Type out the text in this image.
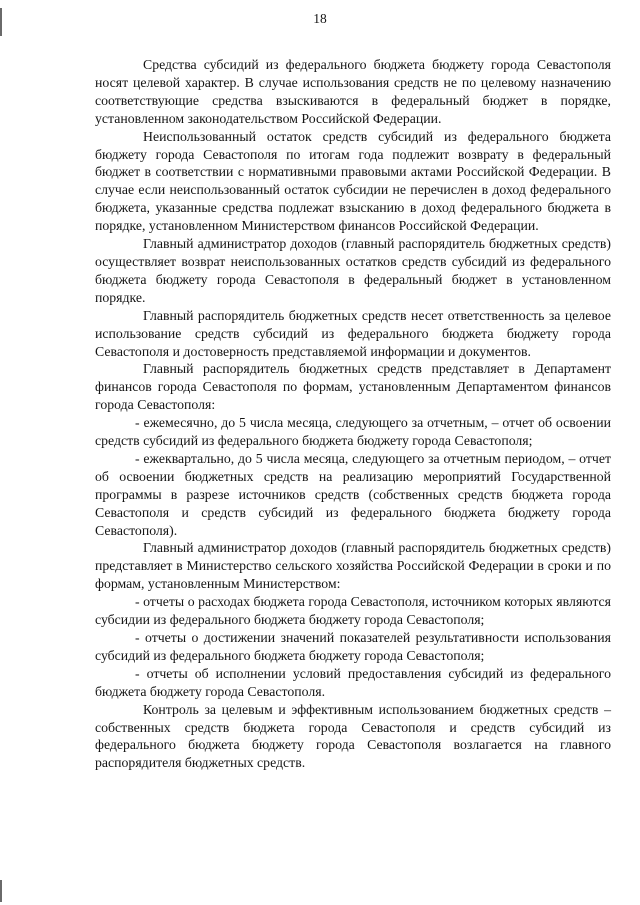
18

Средства субсидий из федерального бюджета бюджету города Севастополя носят целевой характер. В случае использования средств не по целевому назначению соответствующие средства взыскиваются в федеральный бюджет в порядке, установленном законодательством Российской Федерации.

Неиспользованный остаток средств субсидий из федерального бюджета бюджету города Севастополя по итогам года подлежит возврату в федеральный бюджет в соответствии с нормативными правовыми актами Российской Федерации. В случае если неиспользованный остаток субсидии не перечислен в доход федерального бюджета, указанные средства подлежат взысканию в доход федерального бюджета в порядке, установленном Министерством финансов Российской Федерации.

Главный администратор доходов (главный распорядитель бюджетных средств) осуществляет возврат неиспользованных остатков средств субсидий из федерального бюджета бюджету города Севастополя в федеральный бюджет в установленном порядке.

Главный распорядитель бюджетных средств несет ответственность за целевое использование средств субсидий из федерального бюджета бюджету города Севастополя и достоверность представляемой информации и документов.

Главный распорядитель бюджетных средств представляет в Департамент финансов города Севастополя по формам, установленным Департаментом финансов города Севастополя:

- ежемесячно, до 5 числа месяца, следующего за отчетным, – отчет об освоении средств субсидий из федерального бюджета бюджету города Севастополя;

- ежеквартально, до 5 числа месяца, следующего за отчетным периодом, – отчет об освоении бюджетных средств на реализацию мероприятий Государственной программы в разрезе источников средств (собственных средств бюджета города Севастополя и средств субсидий из федерального бюджета бюджету города Севастополя).

Главный администратор доходов (главный распорядитель бюджетных средств) представляет в Министерство сельского хозяйства Российской Федерации в сроки и по формам, установленным Министерством:

- отчеты о расходах бюджета города Севастополя, источником которых являются субсидии из федерального бюджета бюджету города Севастополя;

- отчеты о достижении значений показателей результативности использования субсидий из федерального бюджета бюджету города Севастополя;

- отчеты об исполнении условий предоставления субсидий из федерального бюджета бюджету города Севастополя.

Контроль за целевым и эффективным использованием бюджетных средств – собственных средств бюджета города Севастополя и средств субсидий из федерального бюджета бюджету города Севастополя возлагается на главного распорядителя бюджетных средств.
